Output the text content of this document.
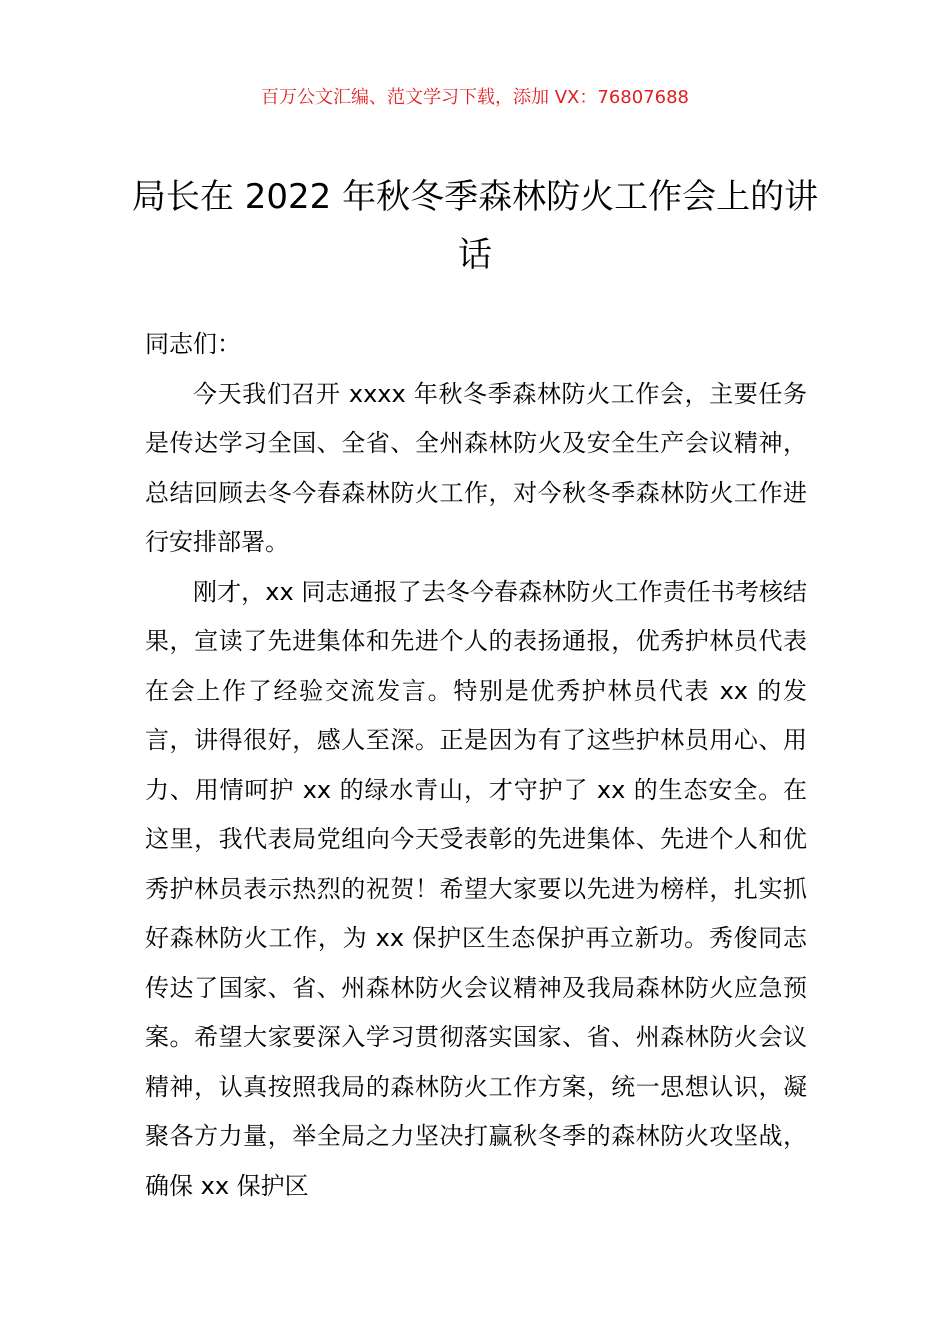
百万公文汇编、范文学习下载，添加 VX：76807688
局长在 2022 年秋冬季森林防火工作会上的讲话

同志们：

今天我们召开 xxxx 年秋冬季森林防火工作会，主要任务是传达学习全国、全省、全州森林防火及安全生产会议精神，总结回顾去冬今春森林防火工作，对今秋冬季森林防火工作进行安排部署。

刚才，xx 同志通报了去冬今春森林防火工作责任书考核结果，宣读了先进集体和先进个人的表扬通报，优秀护林员代表在会上作了经验交流发言。特别是优秀护林员代表 xx 的发言，讲得很好，感人至深。正是因为有了这些护林员用心、用力、用情呵护 xx 的绿水青山，才守护了 xx 的生态安全。在这里，我代表局党组向今天受表彰的先进集体、先进个人和优秀护林员表示热烈的祝贺！希望大家要以先进为榜样，扎实抓好森林防火工作，为 xx 保护区生态保护再立新功。秀俊同志传达了国家、省、州森林防火会议精神及我局森林防火应急预案。希望大家要深入学习贯彻落实国家、省、州森林防火会议精神，认真按照我局的森林防火工作方案，统一思想认识，凝聚各方力量，举全局之力坚决打赢秋冬季的森林防火攻坚战，确保 xx 保护区
